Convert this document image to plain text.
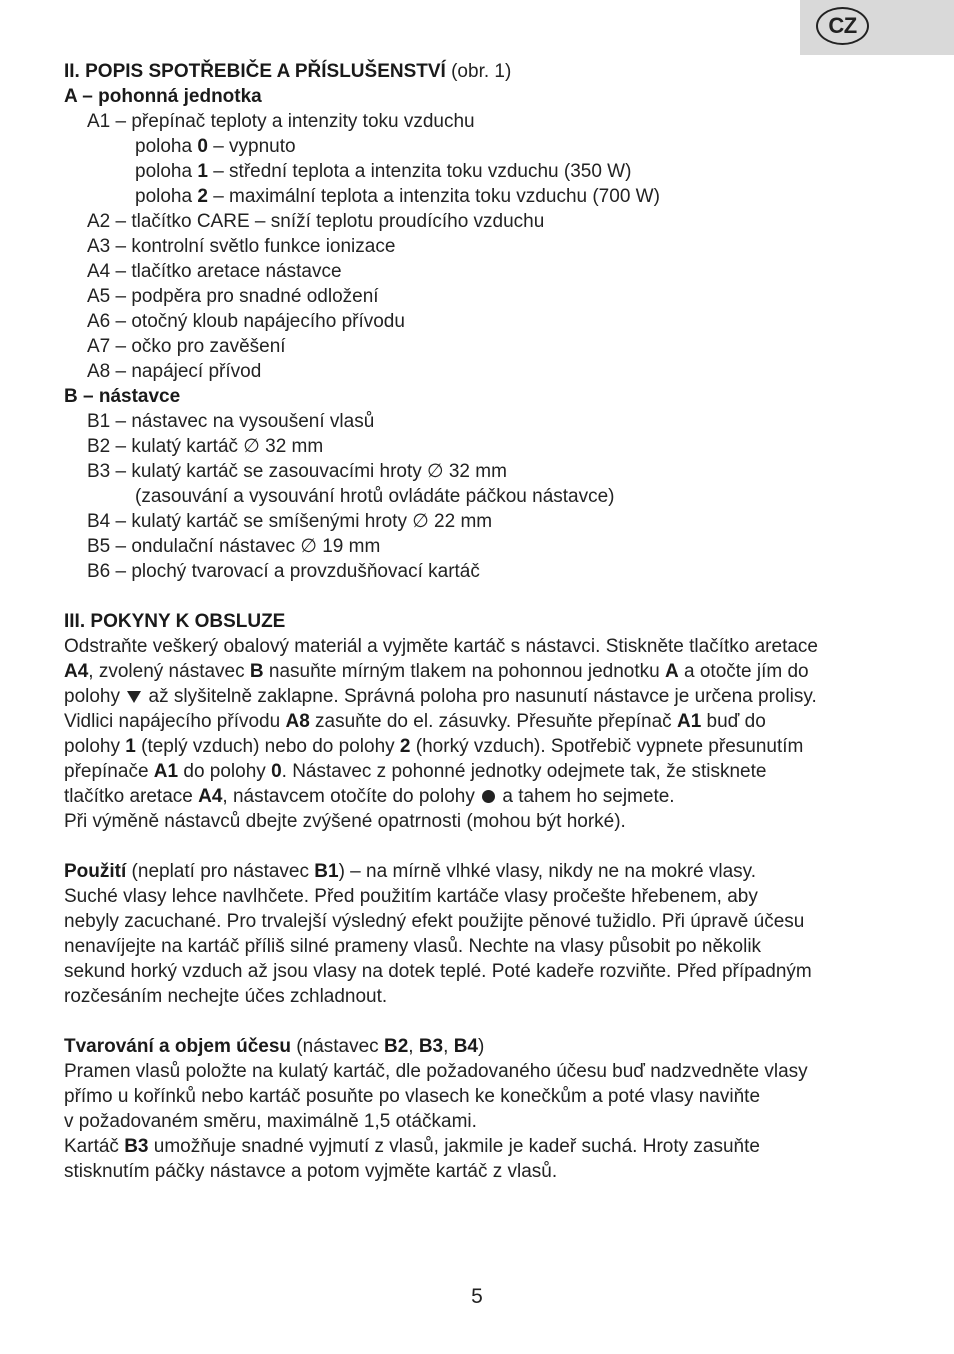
CZ
II. POPIS SPOTŘEBIČE A PŘÍSLUŠENSTVÍ (obr. 1)
A – pohonná jednotka
A1 – přepínač teploty a intenzity toku vzduchu
poloha 0 – vypnuto
poloha 1 – střední teplota a intenzita toku vzduchu (350 W)
poloha 2 – maximální teplota a intenzita toku vzduchu (700 W)
A2 – tlačítko CARE – sníží teplotu proudícího vzduchu
A3 – kontrolní světlo funkce ionizace
A4 – tlačítko aretace nástavce
A5 – podpěra pro snadné odložení
A6 – otočný kloub napájecího přívodu
A7 – očko pro zavěšení
A8 – napájecí přívod
B – nástavce
B1 – nástavec na vysoušení vlasů
B2 – kulatý kartáč ∅ 32 mm
B3 – kulatý kartáč se zasouvacími hroty ∅ 32 mm
(zasouvání a vysouvání hrotů ovládáte páčkou nástavce)
B4 – kulatý kartáč se smíšenými hroty ∅ 22 mm
B5 – ondulační nástavec ∅ 19 mm
B6 – plochý tvarovací a provzdušňovací kartáč
III. POKYNY K OBSLUZE
Odstraňte veškerý obalový materiál a vyjměte kartáč s nástavci. Stiskněte tlačítko aretace
A4, zvolený nástavec B nasuňte mírným tlakem na pohonnou jednotku A a otočte jím do
polohy  až slyšitelně zaklapne. Správná poloha pro nasunutí nástavce je určena prolisy.
Vidlici napájecího přívodu A8 zasuňte do el. zásuvky. Přesuňte přepínač A1 buď do
polohy 1 (teplý vzduch) nebo do polohy 2 (horký vzduch). Spotřebič vypnete přesunutím
přepínače A1 do polohy 0. Nástavec z pohonné jednotky odejmete tak, že stisknete
tlačítko aretace A4, nástavcem otočíte do polohy  a tahem ho sejmete.
Při výměně nástavců dbejte zvýšené opatrnosti (mohou být horké).
Použití (neplatí pro nástavec B1) – na mírně vlhké vlasy, nikdy ne na mokré vlasy.
Suché vlasy lehce navlhčete. Před použitím kartáče vlasy pročešte hřebenem, aby
nebyly zacuchané. Pro trvalejší výsledný efekt použijte pěnové tužidlo. Při úpravě účesu
nenavíjejte na kartáč příliš silné prameny vlasů. Nechte na vlasy působit po několik
sekund horký vzduch až jsou vlasy na dotek teplé. Poté kadeře rozviňte. Před případným
rozčesáním nechejte účes zchladnout.
Tvarování a objem účesu (nástavec B2, B3, B4)
Pramen vlasů položte na kulatý kartáč, dle požadovaného účesu buď nadzvedněte vlasy
přímo u kořínků nebo kartáč posuňte po vlasech ke konečkům a poté vlasy naviňte
v požadovaném směru, maximálně 1,5 otáčkami.
Kartáč B3 umožňuje snadné vyjmutí z vlasů, jakmile je kadeř suchá. Hroty zasuňte
stisknutím páčky nástavce a potom vyjměte kartáč z vlasů.
5
